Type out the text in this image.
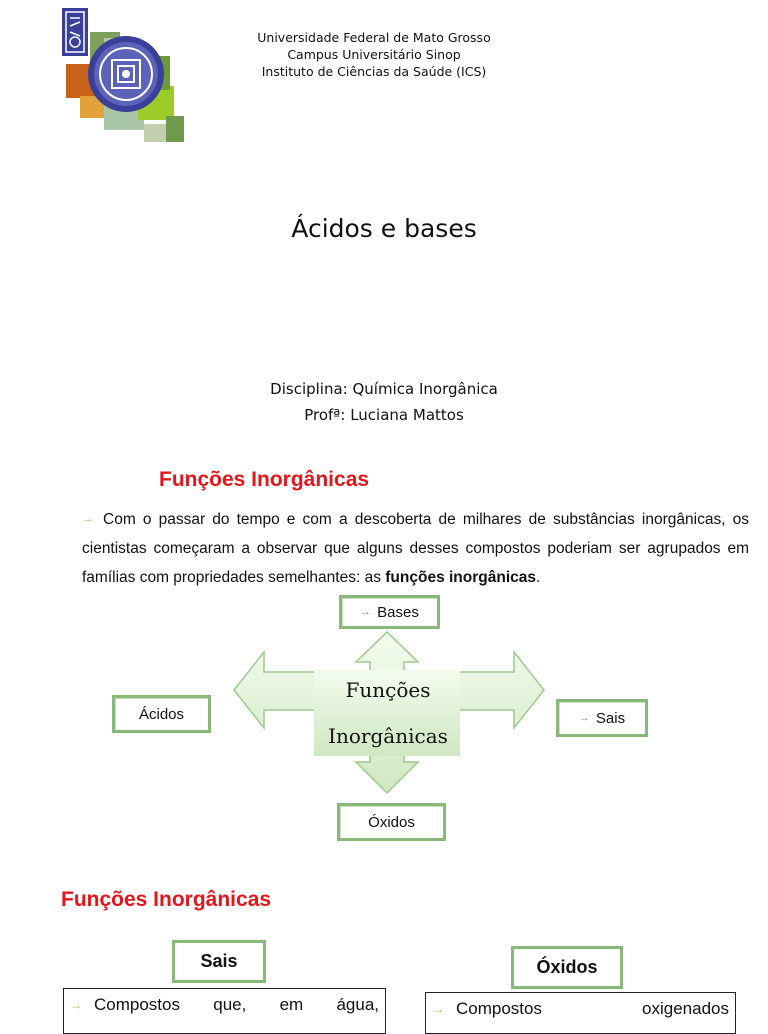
Universidade Federal de Mato Grosso
Campus Universitário Sinop
Instituto de Ciências da Saúde (ICS)
Ácidos e bases
Disciplina: Química Inorgânica
Profª: Luciana Mattos
Funções Inorgânicas
→ Com o passar do tempo e com a descoberta de milhares de substâncias inorgânicas, os cientistas começaram a observar que alguns desses compostos poderiam ser agrupados em famílias com propriedades semelhantes: as funções inorgânicas.
Funções
Inorgânicas
→ Bases
Ácidos	→ Sais
Óxidos
Funções Inorgânicas
Sais
→ Compostos que, em água,
Óxidos
→ Compostos	oxigenados
